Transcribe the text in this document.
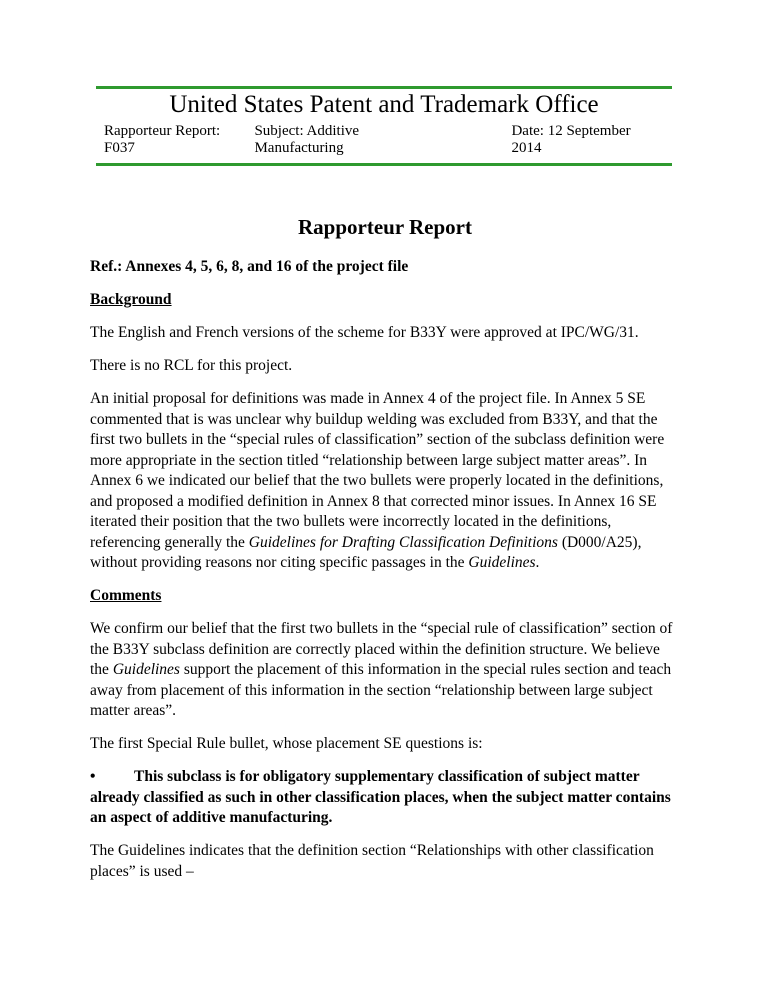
United States Patent and Trademark Office
Rapporteur Report: F037
Subject: Additive Manufacturing
Date: 12 September 2014
Rapporteur Report

Ref.: Annexes 4, 5, 6, 8, and 16 of the project file

Background

The English and French versions of the scheme for B33Y were approved at IPC/WG/31.

There is no RCL for this project.

An initial proposal for definitions was made in Annex 4 of the project file. In Annex 5 SE commented that is was unclear why buildup welding was excluded from B33Y, and that the first two bullets in the “special rules of classification” section of the subclass definition were more appropriate in the section titled “relationship between large subject matter areas”. In Annex 6 we indicated our belief that the two bullets were properly located in the definitions, and proposed a modified definition in Annex 8 that corrected minor issues. In Annex 16 SE iterated their position that the two bullets were incorrectly located in the definitions, referencing generally the Guidelines for Drafting Classification Definitions (D000/A25), without providing reasons nor citing specific passages in the Guidelines.

Comments

We confirm our belief that the first two bullets in the “special rule of classification” section of the B33Y subclass definition are correctly placed within the definition structure. We believe the Guidelines support the placement of this information in the special rules section and teach away from placement of this information in the section “relationship between large subject matter areas”.

The first Special Rule bullet, whose placement SE questions is:

• This subclass is for obligatory supplementary classification of subject matter already classified as such in other classification places, when the subject matter contains an aspect of additive manufacturing.

The Guidelines indicates that the definition section “Relationships with other classification places” is used –
